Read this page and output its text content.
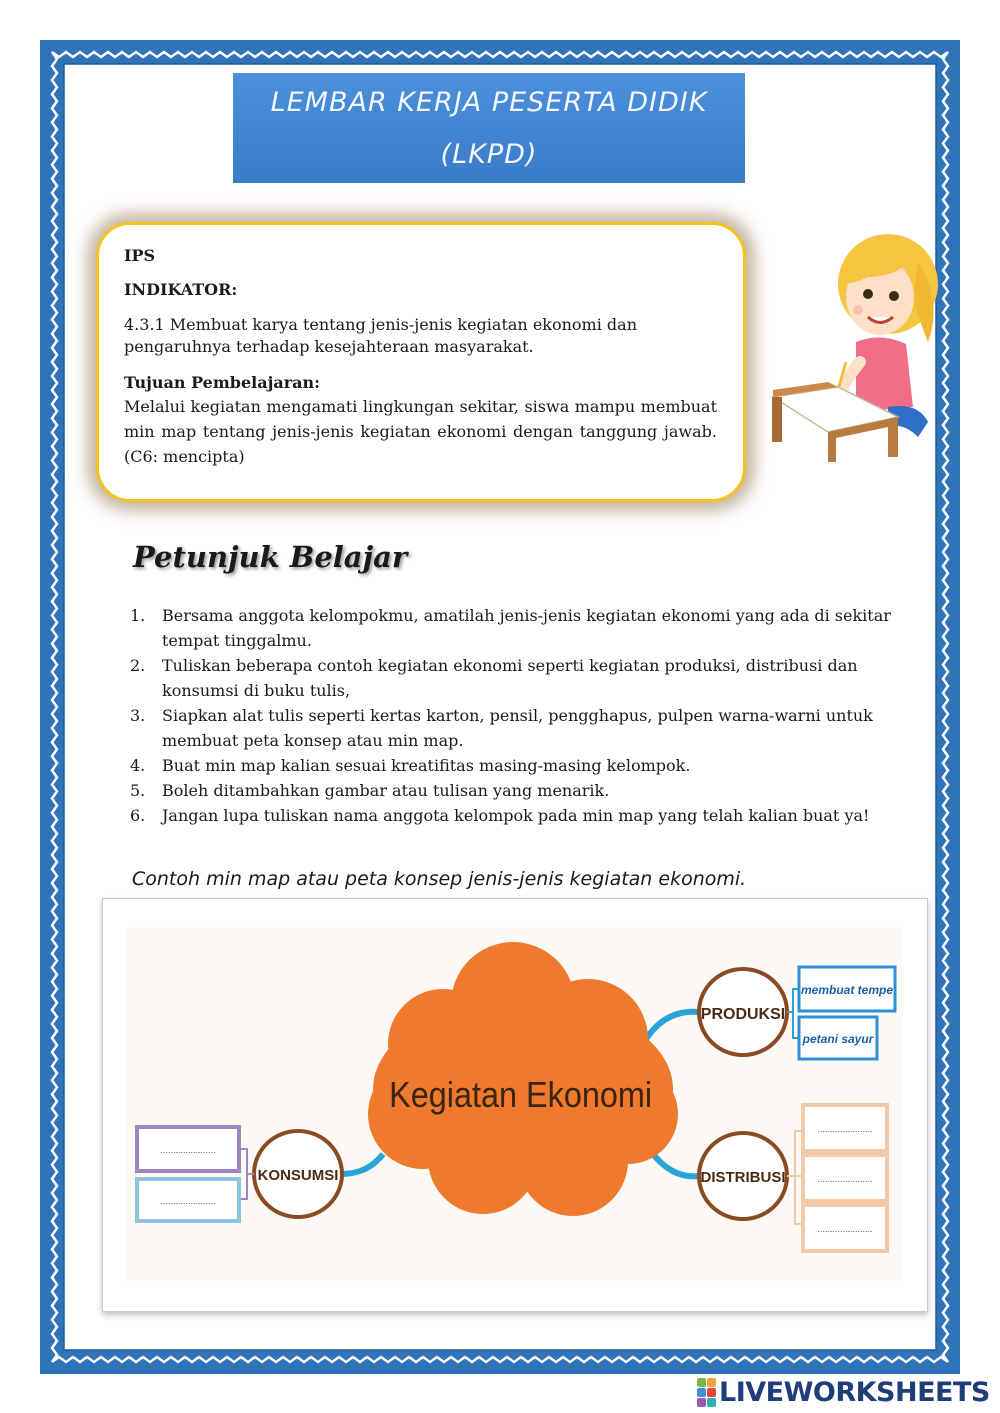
LEMBAR KERJA PESERTA DIDIK
(LKPD)
IPS
INDIKATOR:
4.3.1 Membuat karya tentang jenis-jenis kegiatan ekonomi dan pengaruhnya terhadap kesejahteraan masyarakat.
Tujuan Pembelajaran:
Melalui kegiatan mengamati lingkungan sekitar, siswa mampu membuat min map tentang jenis-jenis kegiatan ekonomi dengan tanggung jawab. (C6: mencipta)
Petunjuk Belajar
1.	Bersama anggota kelompokmu, amatilah jenis-jenis kegiatan ekonomi yang ada di sekitar tempat tinggalmu.
2.	Tuliskan beberapa contoh kegiatan ekonomi seperti kegiatan produksi, distribusi dan konsumsi di buku tulis,
3.	Siapkan alat tulis seperti kertas karton, pensil, pengghapus, pulpen warna-warni untuk membuat peta konsep atau min map.
4.	Buat min map kalian sesuai kreatifitas masing-masing kelompok.
5.	Boleh ditambahkan gambar atau tulisan yang menarik.
6.	Jangan lupa tuliskan nama anggota kelompok pada min map yang telah kalian buat ya!
Contoh min map atau peta konsep jenis-jenis kegiatan ekonomi.
Kegiatan Ekonomi
PRODUKSI
membuat tempe
petani sayur
DISTRIBUSI
......................
......................
......................
KONSUMSI
......................
......................
LIVEWORKSHEETS
